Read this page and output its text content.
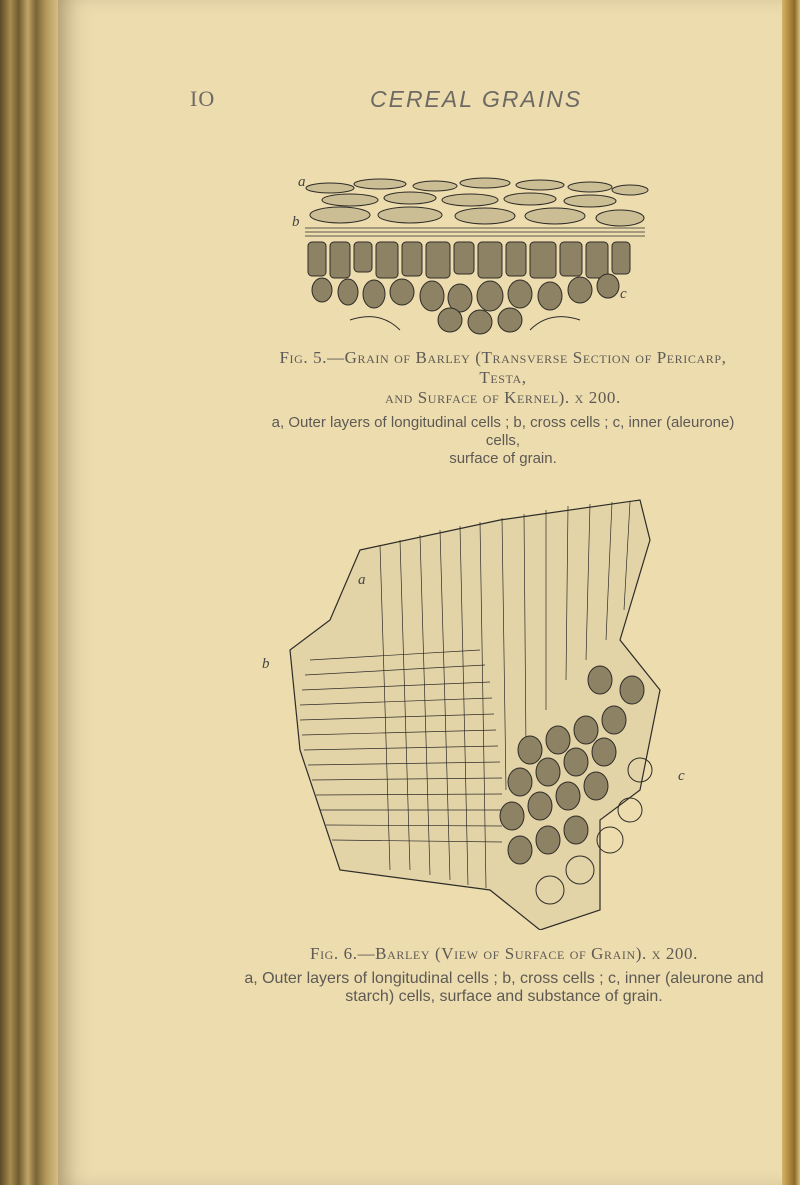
IO	CEREAL GRAINS
a
b
c
Fig. 5.—Grain of Barley (Transverse Section of Pericarp, Testa,
and Surface of Kernel). x 200.
a, Outer layers of longitudinal cells ; b, cross cells ; c, inner (aleurone) cells,
surface of grain.
a
b
c
Fig. 6.—Barley (View of Surface of Grain). x 200.
a, Outer layers of longitudinal cells ; b, cross cells ; c, inner (aleurone and
starch) cells, surface and substance of grain.
